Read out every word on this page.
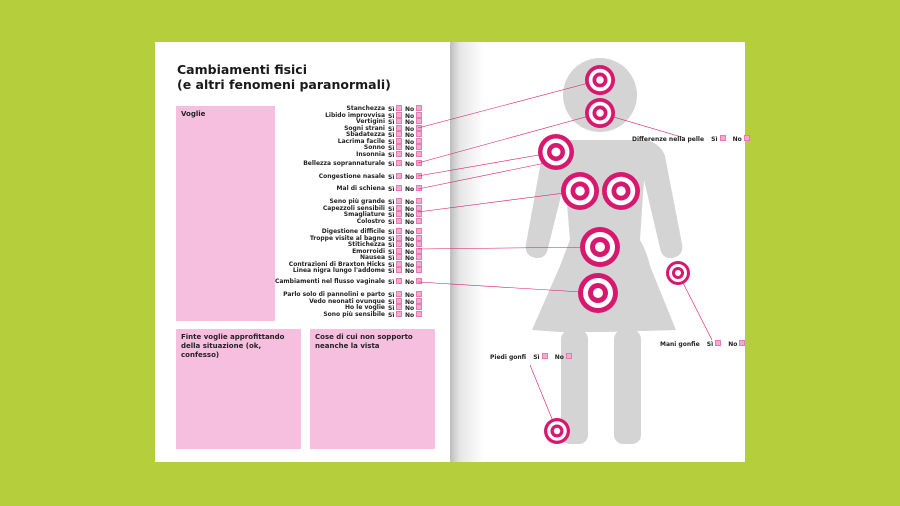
Cambiamenti fisici
(e altri fenomeni paranormali)
Voglie
Finte voglie approfittando
della situazione (ok, confesso)
Cose di cui non sopporto
neanche la vista
Stanchezza Sì	No
Libido improvvisa Sì	No
Vertigini Sì	No
Sogni strani Sì	No
Sbadatezza Sì	No
Lacrima facile Sì	No
Sonno Sì	No
Insonnia Sì	No
Bellezza soprannaturale Sì	No
Congestione nasale Sì	No
Mal di schiena Sì	No
Seno più grande Sì	No
Capezzoli sensibili Sì	No
Smagliature Sì	No
Colostro Sì	No
Digestione difficile Sì	No
Troppe visite al bagno Sì	No
Stitichezza Sì	No
Emorroidi Sì	No
Nausea Sì	No
Contrazioni di Braxton Hicks Sì	No
Linea nigra lungo l'addome Sì	No
Cambiamenti nel flusso vaginale Sì	No
Parlo solo di pannolini e parto Sì	No
Vedo neonati ovunque Sì	No
Ho le voglie Sì	No
Sono più sensibile Sì	No
Differenze nella pelle Sì	No
Mani gonfie Sì	No
Piedi gonfi Sì	No
